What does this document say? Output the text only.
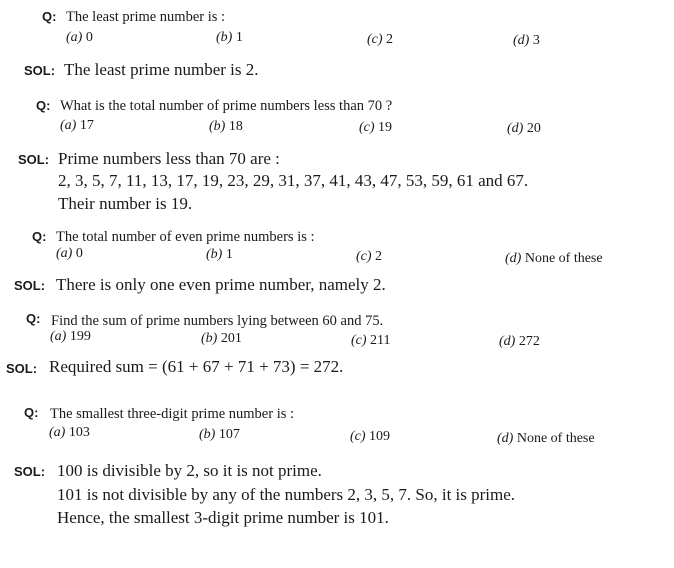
Q: The least prime number is :
(a) 0	(b) 1	(c) 2	(d) 3
SOL: The least prime number is 2.
Q: What is the total number of prime numbers less than 70 ?
(a) 17	(b) 18	(c) 19	(d) 20
SOL: Prime numbers less than 70 are :
2, 3, 5, 7, 11, 13, 17, 19, 23, 29, 31, 37, 41, 43, 47, 53, 59, 61 and 67.
Their number is 19.
Q: The total number of even prime numbers is :
(a) 0	(b) 1	(c) 2	(d) None of these
SOL: There is only one even prime number, namely 2.
Q: Find the sum of prime numbers lying between 60 and 75.
(a) 199	(b) 201	(c) 211	(d) 272
SOL: Required sum = (61 + 67 + 71 + 73) = 272.
Q: The smallest three-digit prime number is :
(a) 103	(b) 107	(c) 109	(d) None of these
SOL: 100 is divisible by 2, so it is not prime.
101 is not divisible by any of the numbers 2, 3, 5, 7. So, it is prime.
Hence, the smallest 3-digit prime number is 101.
